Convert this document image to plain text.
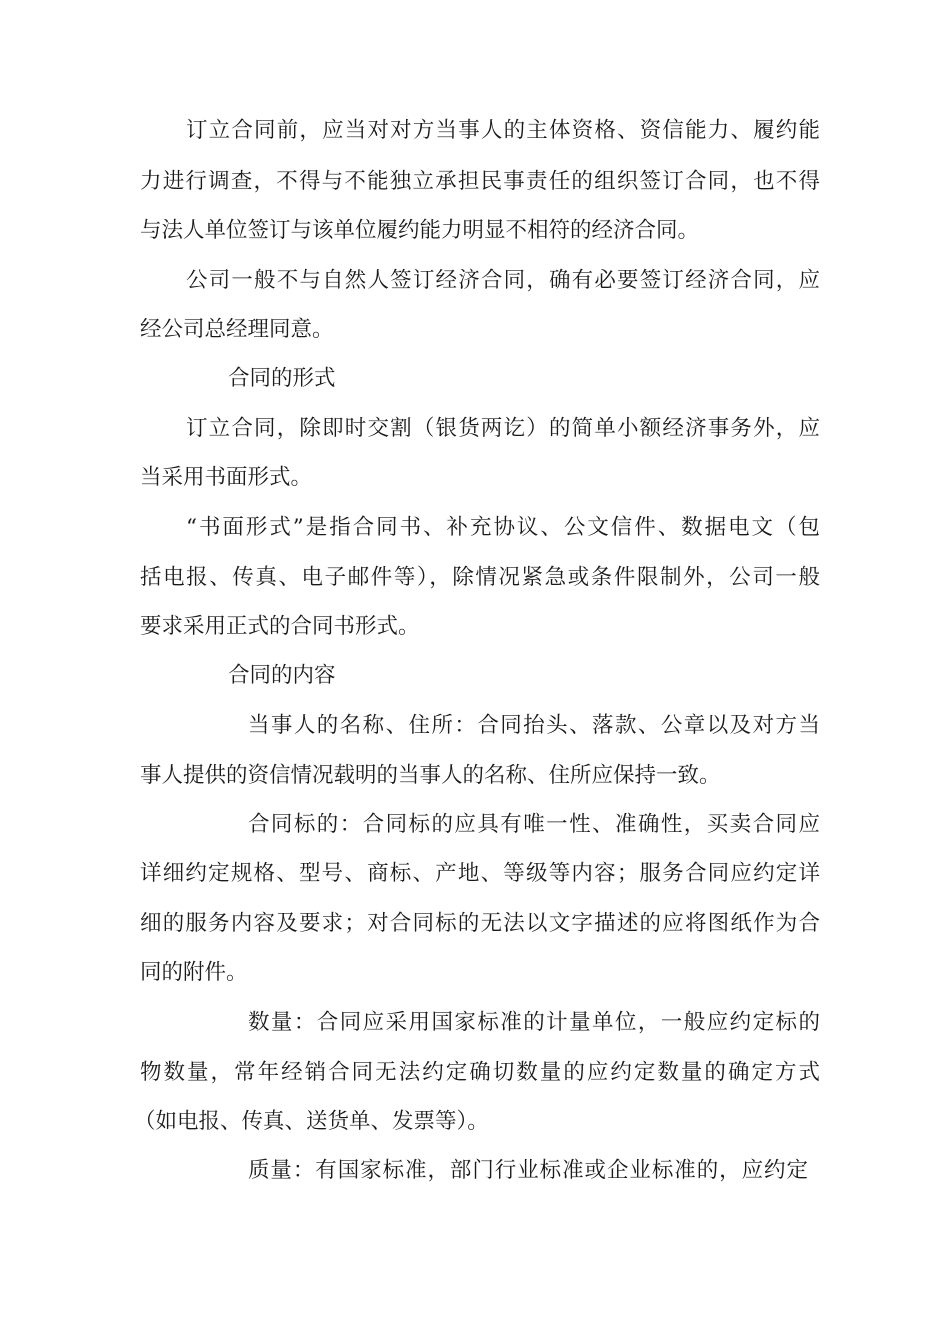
订立合同前，应当对对方当事人的主体资格、资信能力、履约能
力进行调查，不得与不能独立承担民事责任的组织签订合同，也不得
与法人单位签订与该单位履约能力明显不相符的经济合同。
公司一般不与自然人签订经济合同，确有必要签订经济合同，应
经公司总经理同意。
合同的形式
订立合同，除即时交割（银货两讫）的简单小额经济事务外，应
当采用书面形式。
“书面形式”是指合同书、补充协议、公文信件、数据电文（包
括电报、传真、电子邮件等），除情况紧急或条件限制外，公司一般
要求采用正式的合同书形式。
合同的内容
当事人的名称、住所：合同抬头、落款、公章以及对方当
事人提供的资信情况载明的当事人的名称、住所应保持一致。
合同标的：合同标的应具有唯一性、准确性，买卖合同应
详细约定规格、型号、商标、产地、等级等内容；服务合同应约定详
细的服务内容及要求；对合同标的无法以文字描述的应将图纸作为合
同的附件。
数量：合同应采用国家标准的计量单位，一般应约定标的
物数量，常年经销合同无法约定确切数量的应约定数量的确定方式
（如电报、传真、送货单、发票等）。
质量：有国家标准，部门行业标准或企业标准的，应约定
